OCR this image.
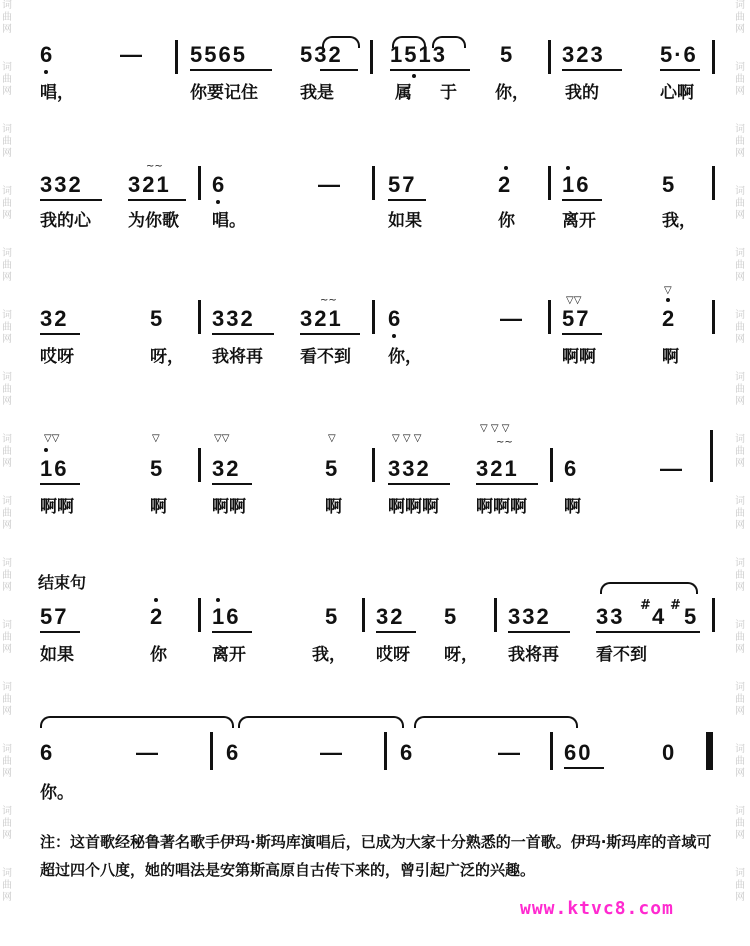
词
曲
网
词
曲
网
词
曲
网
词
曲
网
词
曲
网
词
曲
网
词
曲
网
词
曲
网
词
曲
网
词
曲
网
词
曲
网
词
曲
网
词
曲
网
词
曲
网
词
曲
网
词
曲
网
词
曲
网
词
曲
网
词
曲
网
词
曲
网
词
曲
网
词
曲
网
词
曲
网
词
曲
网
词
曲
网
词
曲
网
词
曲
网
词
曲
网
词
曲
网
词
曲
网
6	— 5565 532 1513 5 323	5·6
唱，	你要记住 我是	属 于 你， 我的	心啊
332 321
~~
6	— 57	2 16	5
我的心 为你歌 唱。	如果	你	离开	我，
32	5 332 321
~~
6	—
▽▽
57
▽
2
哎呀	呀， 我将再 看不到 你，	啊啊	啊
▽▽
16
▽
5
▽▽
32
▽
5
▽ ▽ ▽
332
▽ ▽ ▽
~~
321 6	—
啊啊	啊	啊啊	啊	啊啊啊 啊啊啊 啊
结束句
57	2 16	5 32 5 332 33 # 4 # 5
如果	你	离开	我， 哎呀 呀， 我将再 看不到
6	—	6	—	6	— 60	0
你。
注：这首歌经秘鲁著名歌手伊玛·斯玛库演唱后，已成为大家十分熟悉的一首歌。伊玛·斯玛库的音域可超过四个八度，她的唱法是安第斯高原自古传下来的，曾引起广泛的兴趣。
www.ktvc8.com
